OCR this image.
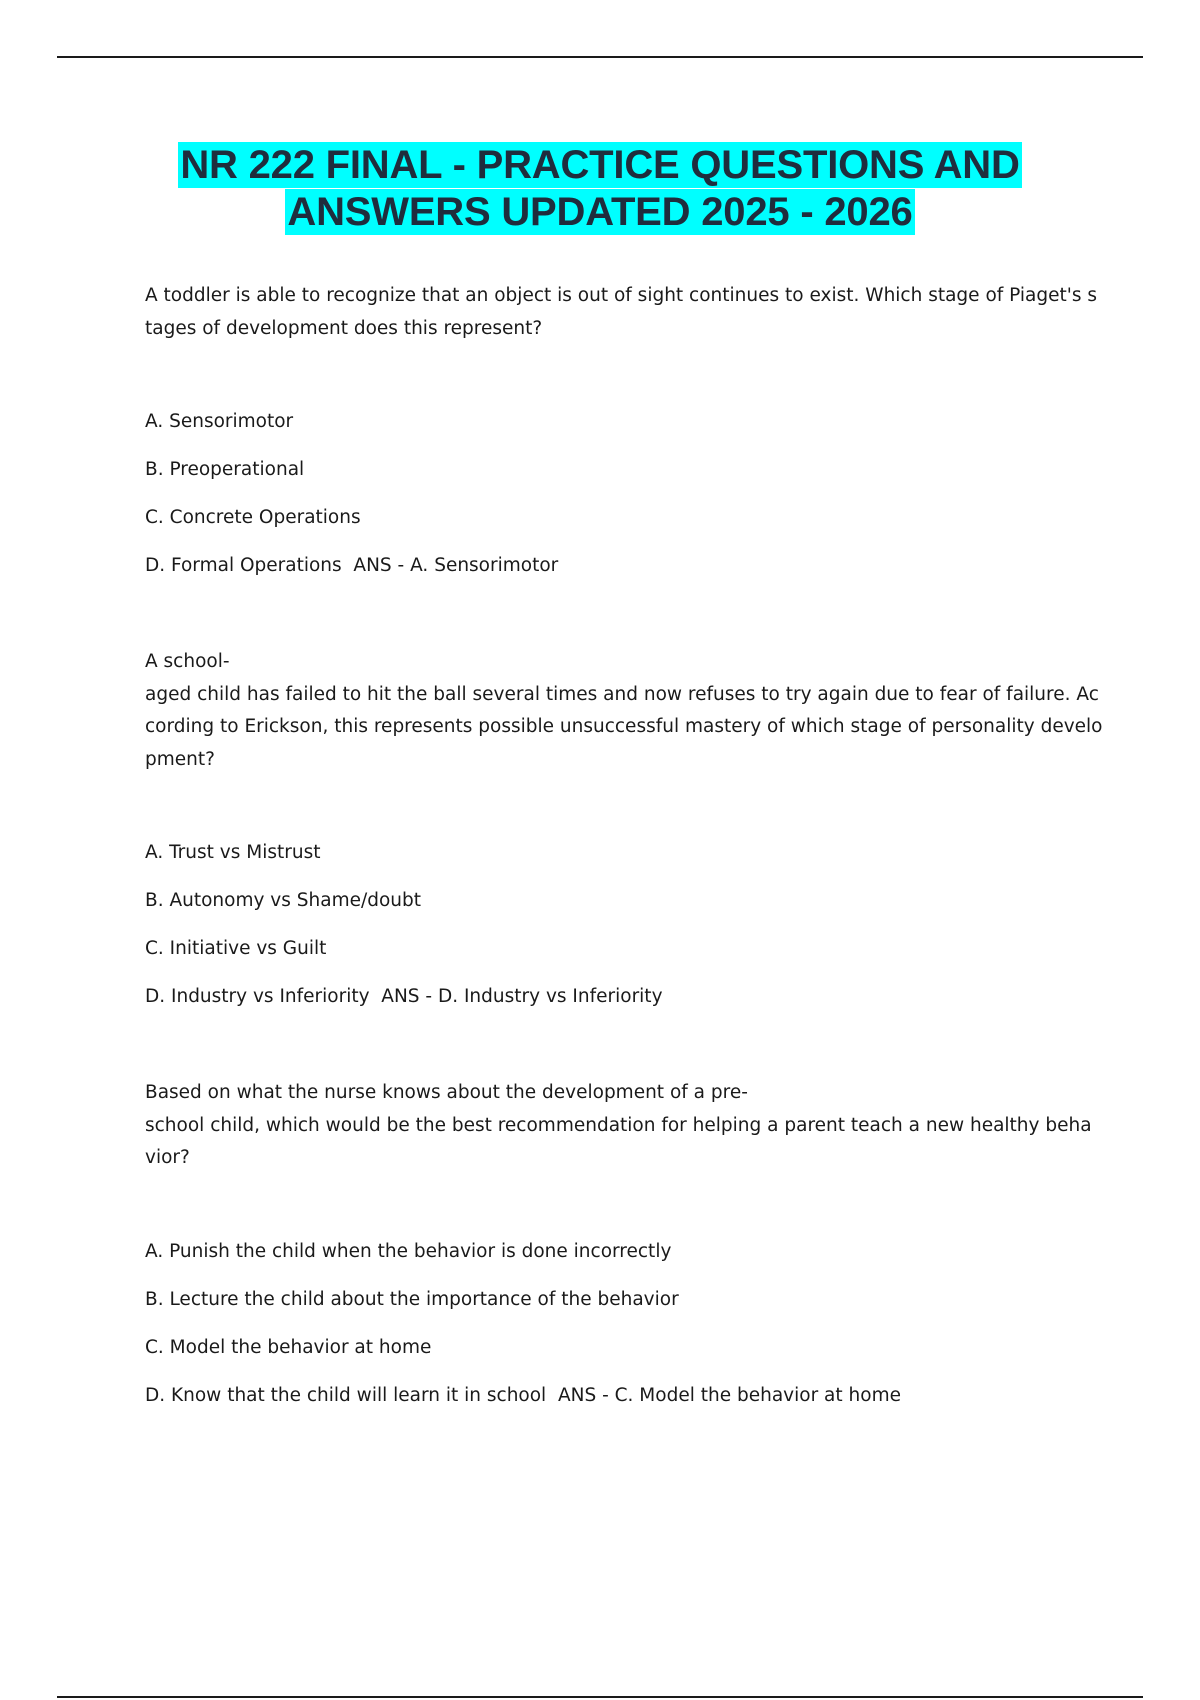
NR 222 FINAL - PRACTICE QUESTIONS AND
ANSWERS UPDATED 2025 - 2026
A toddler is able to recognize that an object is out of sight continues to exist. Which stage of Piaget's s
tages of development does this represent?
A. Sensorimotor
B. Preoperational
C. Concrete Operations
D. Formal Operations  ANS - A. Sensorimotor
A school-
aged child has failed to hit the ball several times and now refuses to try again due to fear of failure. Ac
cording to Erickson, this represents possible unsuccessful mastery of which stage of personality develo
pment?
A. Trust vs Mistrust
B. Autonomy vs Shame/doubt
C. Initiative vs Guilt
D. Industry vs Inferiority  ANS - D. Industry vs Inferiority
Based on what the nurse knows about the development of a pre-
school child, which would be the best recommendation for helping a parent teach a new healthy beha
vior?
A. Punish the child when the behavior is done incorrectly
B. Lecture the child about the importance of the behavior
C. Model the behavior at home
D. Know that the child will learn it in school  ANS - C. Model the behavior at home
